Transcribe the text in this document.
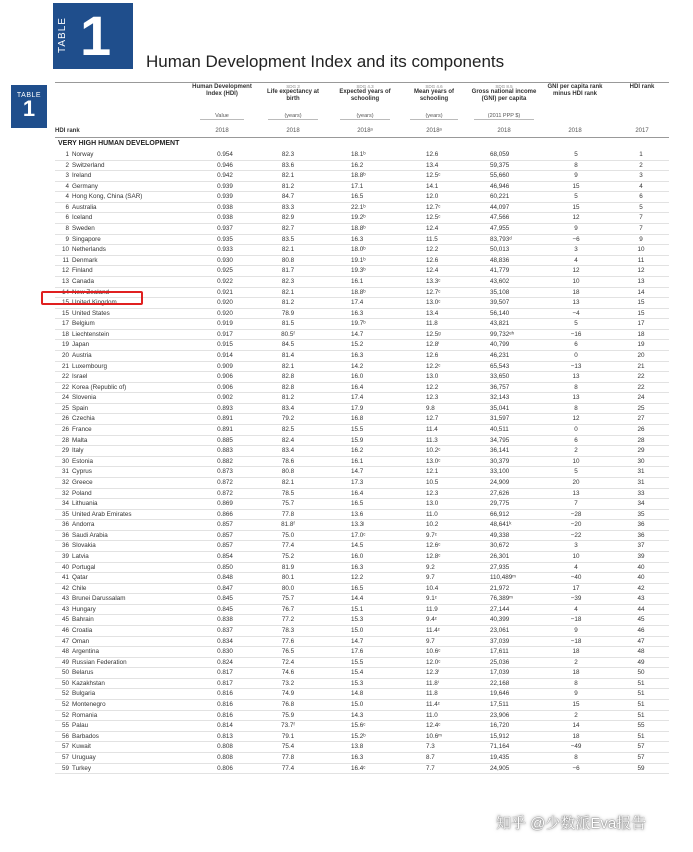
TABLE 1 Human Development Index and its components
TABLE
1
Human Development Index (HDI)
SDG 3
Life expectancy at birth
SDG 4.3
Expected years of schooling
SDG 4.6
Mean years of schooling
SDG 8.5
Gross national income (GNI) per capita
GNI per capita rank minus HDI rank
HDI rank
Value	(years)	(years)	(years)	(2011 PPP $)
HDI rank	2018	2018	2018ᵃ	2018ᵃ	2018	2018	2017
VERY HIGH HUMAN DEVELOPMENT
1 Norway	0.954	82.3	18.1ᵇ	12.6	68,059	5	1
2 Switzerland	0.946	83.6	16.2	13.4	59,375	8	2
3 Ireland	0.942	82.1	18.8ᵇ	12.5ᶜ	55,660	9	3
4 Germany	0.939	81.2	17.1	14.1	46,946	15	4
4 Hong Kong, China (SAR)	0.939	84.7	16.5	12.0	60,221	5	6
6 Australia	0.938	83.3	22.1ᵇ	12.7ᶜ	44,097	15	5
6 Iceland	0.938	82.9	19.2ᵇ	12.5ᶜ	47,566	12	7
8 Sweden	0.937	82.7	18.8ᵇ	12.4	47,955	9	7
9 Singapore	0.935	83.5	16.3	11.5	83,793ᵈ	−6	9
10 Netherlands	0.933	82.1	18.0ᵇ	12.2	50,013	3	10
11 Denmark	0.930	80.8	19.1ᵇ	12.6	48,836	4	11
12 Finland	0.925	81.7	19.3ᵇ	12.4	41,779	12	12
13 Canada	0.922	82.3	16.1	13.3ᶜ	43,602	10	13
14 New Zealand	0.921	82.1	18.8ᵇ	12.7ᶜ	35,108	18	14
15 United Kingdom	0.920	81.2	17.4	13.0ᶜ	39,507	13	15
15 United States	0.920	78.9	16.3	13.4	56,140	−4	15
17 Belgium	0.919	81.5	19.7ᵇ	11.8	43,821	5	17
18 Liechtenstein	0.917	80.5ᶠ	14.7	12.5ᵍ	99,732ᵉʰ	−16	18
19 Japan	0.915	84.5	15.2	12.8ⁱ	40,799	6	19
20 Austria	0.914	81.4	16.3	12.6	46,231	0	20
21 Luxembourg	0.909	82.1	14.2	12.2ᶜ	65,543	−13	21
22 Israel	0.906	82.8	16.0	13.0	33,650	13	22
22 Korea (Republic of)	0.906	82.8	16.4	12.2	36,757	8	22
24 Slovenia	0.902	81.2	17.4	12.3	32,143	13	24
25 Spain	0.893	83.4	17.9	9.8	35,041	8	25
26 Czechia	0.891	79.2	16.8	12.7	31,597	12	27
26 France	0.891	82.5	15.5	11.4	40,511	0	26
28 Malta	0.885	82.4	15.9	11.3	34,795	6	28
29 Italy	0.883	83.4	16.2	10.2ᶜ	36,141	2	29
30 Estonia	0.882	78.6	16.1	13.0ᶜ	30,379	10	30
31 Cyprus	0.873	80.8	14.7	12.1	33,100	5	31
32 Greece	0.872	82.1	17.3	10.5	24,909	20	31
32 Poland	0.872	78.5	16.4	12.3	27,626	13	33
34 Lithuania	0.869	75.7	16.5	13.0	29,775	7	34
35 United Arab Emirates	0.866	77.8	13.6	11.0	66,912	−28	35
36 Andorra	0.857	81.8ᶠ	13.3ʲ	10.2	48,641ᵏ	−20	36
36 Saudi Arabia	0.857	75.0	17.0ᶜ	9.7ᶜ	49,338	−22	36
36 Slovakia	0.857	77.4	14.5	12.6ᶜ	30,672	3	37
39 Latvia	0.854	75.2	16.0	12.8ᶜ	26,301	10	39
40 Portugal	0.850	81.9	16.3	9.2	27,935	4	40
41 Qatar	0.848	80.1	12.2	9.7	110,489ᵐ	−40	40
42 Chile	0.847	80.0	16.5	10.4	21,972	17	42
43 Brunei Darussalam	0.845	75.7	14.4	9.1ᶜ	76,389ᵐ	−39	43
43 Hungary	0.845	76.7	15.1	11.9	27,144	4	44
45 Bahrain	0.838	77.2	15.3	9.4ᶜ	40,399	−18	45
46 Croatia	0.837	78.3	15.0	11.4ᶜ	23,061	9	46
47 Oman	0.834	77.6	14.7	9.7	37,039	−18	47
48 Argentina	0.830	76.5	17.6	10.6ᶜ	17,611	18	48
49 Russian Federation	0.824	72.4	15.5	12.0ᶜ	25,036	2	49
50 Belarus	0.817	74.6	15.4	12.3ⁱ	17,039	18	50
50 Kazakhstan	0.817	73.2	15.3	11.8ⁱ	22,168	8	51
52 Bulgaria	0.816	74.9	14.8	11.8	19,646	9	51
52 Montenegro	0.816	76.8	15.0	11.4ᶜ	17,511	15	51
52 Romania	0.816	75.9	14.3	11.0	23,906	2	51
55 Palau	0.814	73.7ᶠ	15.6ᶜ	12.4ᶜ	16,720	14	55
56 Barbados	0.813	79.1	15.2ᵇ	10.6ᵐ	15,912	18	51
57 Kuwait	0.808	75.4	13.8	7.3	71,164	−49	57
57 Uruguay	0.808	77.8	16.3	8.7	19,435	8	57
59 Turkey	0.806	77.4	16.4ᶜ	7.7	24,905	−6	59
知乎 @少数派Eva报告
